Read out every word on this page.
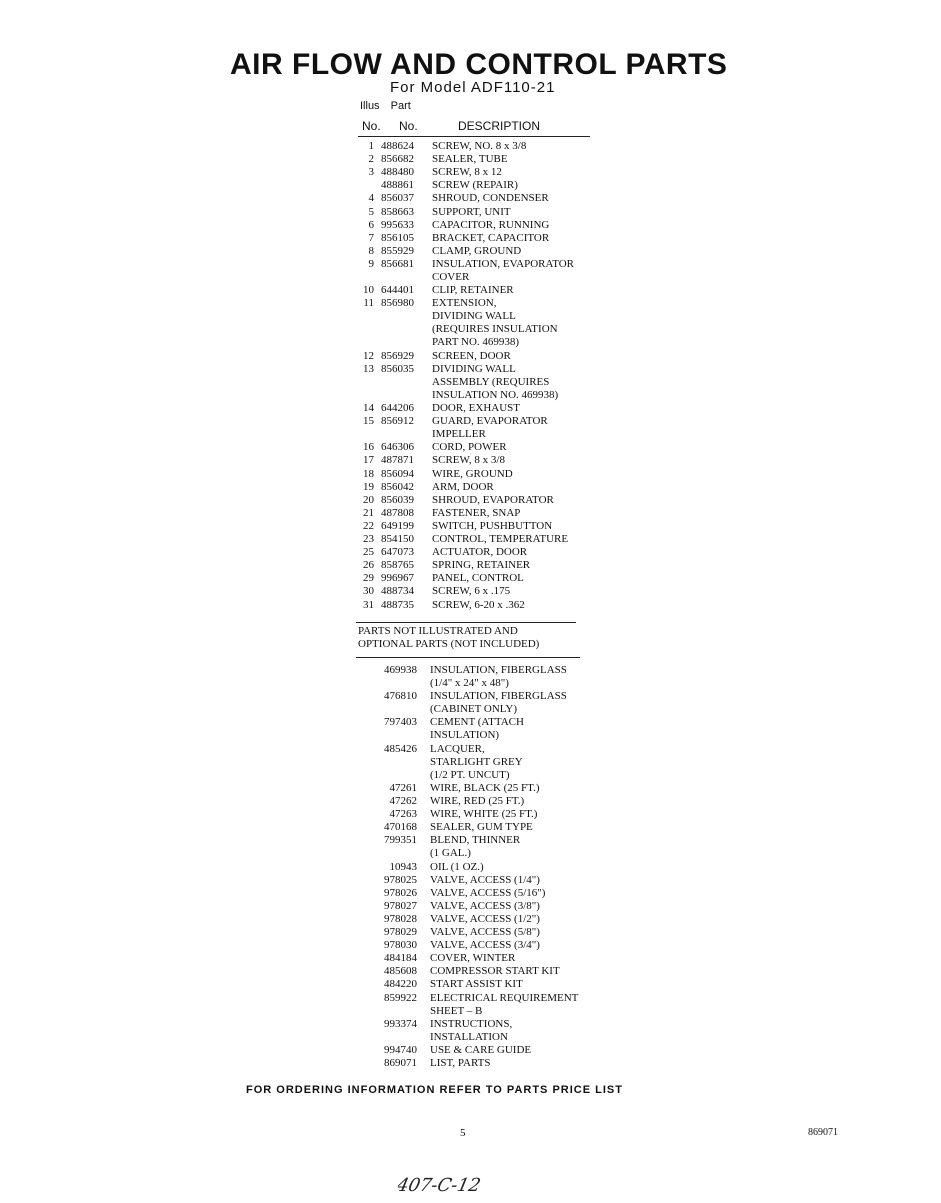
AIR FLOW AND CONTROL PARTS
For Model ADF110-21
Illus Part
No. No.	DESCRIPTION
1 488624 SCREW, NO. 8 x 3/8
2 856682 SEALER, TUBE
3 488480 SCREW, 8 x 12
488861 SCREW (REPAIR)
4 856037 SHROUD, CONDENSER
5 858663 SUPPORT, UNIT
6 995633 CAPACITOR, RUNNING
7 856105 BRACKET, CAPACITOR
8 855929 CLAMP, GROUND
9 856681 INSULATION, EVAPORATOR
COVER
10 644401 CLIP, RETAINER
11 856980 EXTENSION,
DIVIDING WALL
(REQUIRES INSULATION
PART NO. 469938)
12 856929 SCREEN, DOOR
13 856035 DIVIDING WALL
ASSEMBLY (REQUIRES
INSULATION NO. 469938)
14 644206 DOOR, EXHAUST
15 856912 GUARD, EVAPORATOR
IMPELLER
16 646306 CORD, POWER
17 487871 SCREW, 8 x 3/8
18 856094 WIRE, GROUND
19 856042 ARM, DOOR
20 856039 SHROUD, EVAPORATOR
21 487808 FASTENER, SNAP
22 649199 SWITCH, PUSHBUTTON
23 854150 CONTROL, TEMPERATURE
25 647073 ACTUATOR, DOOR
26 858765 SPRING, RETAINER
29 996967 PANEL, CONTROL
30 488734 SCREW, 6 x .175
31 488735 SCREW, 6-20 x .362
PARTS NOT ILLUSTRATED AND
OPTIONAL PARTS (NOT INCLUDED)
469938 INSULATION, FIBERGLASS
(1/4" x 24" x 48")
476810 INSULATION, FIBERGLASS
(CABINET ONLY)
797403 CEMENT (ATTACH
INSULATION)
485426 LACQUER,
STARLIGHT GREY
(1/2 PT. UNCUT)
47261 WIRE, BLACK (25 FT.)
47262 WIRE, RED (25 FT.)
47263 WIRE, WHITE (25 FT.)
470168 SEALER, GUM TYPE
799351 BLEND, THINNER
(1 GAL.)
10943 OIL (1 OZ.)
978025 VALVE, ACCESS (1/4")
978026 VALVE, ACCESS (5/16")
978027 VALVE, ACCESS (3/8")
978028 VALVE, ACCESS (1/2")
978029 VALVE, ACCESS (5/8")
978030 VALVE, ACCESS (3/4")
484184 COVER, WINTER
485608 COMPRESSOR START KIT
484220 START ASSIST KIT
859922 ELECTRICAL REQUIREMENT
SHEET – B
993374 INSTRUCTIONS,
INSTALLATION
994740 USE & CARE GUIDE
869071 LIST, PARTS
FOR ORDERING INFORMATION REFER TO PARTS PRICE LIST
5	869071
407-C-12
